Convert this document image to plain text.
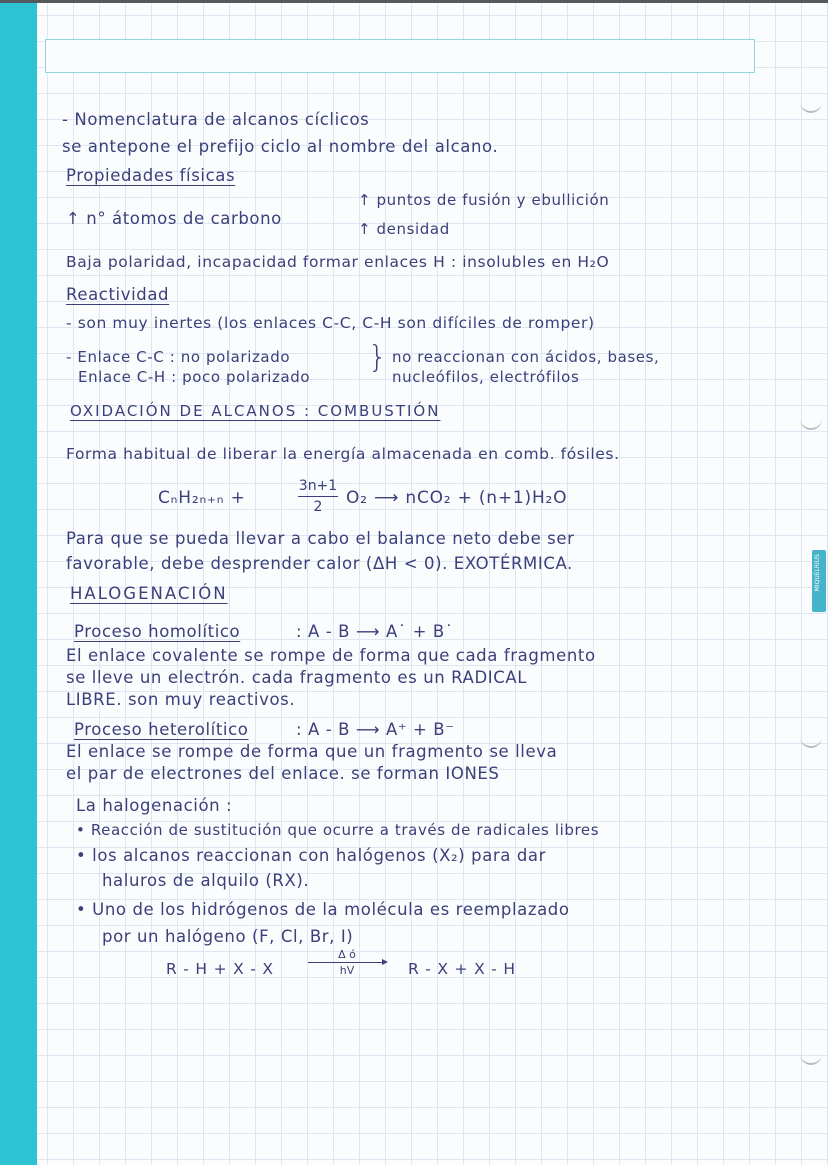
MIQUELRIUS
- Nomenclatura de alcanos cíclicos
se antepone el prefijo ciclo al nombre del alcano.
Propiedades físicas
↑ n° átomos de carbono
↑ puntos de fusión y ebullición
↑ densidad
Baja polaridad, incapacidad formar enlaces H : insolubles en H₂O
Reactividad
- son muy inertes (los enlaces C-C, C-H son difíciles de romper)
- Enlace C-C : no polarizado
Enlace C-H : poco polarizado
} no reaccionan con ácidos, bases,
nucleófilos, electrófilos
OXIDACIÓN DE ALCANOS : COMBUSTIÓN
Forma habitual de liberar la energía almacenada en comb. fósiles.
CₙH₂ₙ₊ₙ +
3n+1
2	O₂ ⟶ nCO₂ + (n+1)H₂O
Para que se pueda llevar a cabo el balance neto debe ser
favorable, debe desprender calor (ΔH < 0). EXOTÉRMICA.
HALOGENACIÓN
Proceso homolítico	: A - B ⟶ A˙ + B˙
El enlace covalente se rompe de forma que cada fragmento
se lleve un electrón. cada fragmento es un RADICAL
LIBRE. son muy reactivos.
Proceso heterolítico	: A - B ⟶ A⁺ + B⁻
El enlace se rompe de forma que un fragmento se lleva
el par de electrones del enlace. se forman IONES
La halogenación :
• Reacción de sustitución que ocurre a través de radicales libres
• los alcanos reaccionan con halógenos (X₂) para dar
haluros de alquilo (RX).
• Uno de los hidrógenos de la molécula es reemplazado
por un halógeno (F, Cl, Br, I)
R - H + X - X
Δ ó
hV	R - X + X - H
